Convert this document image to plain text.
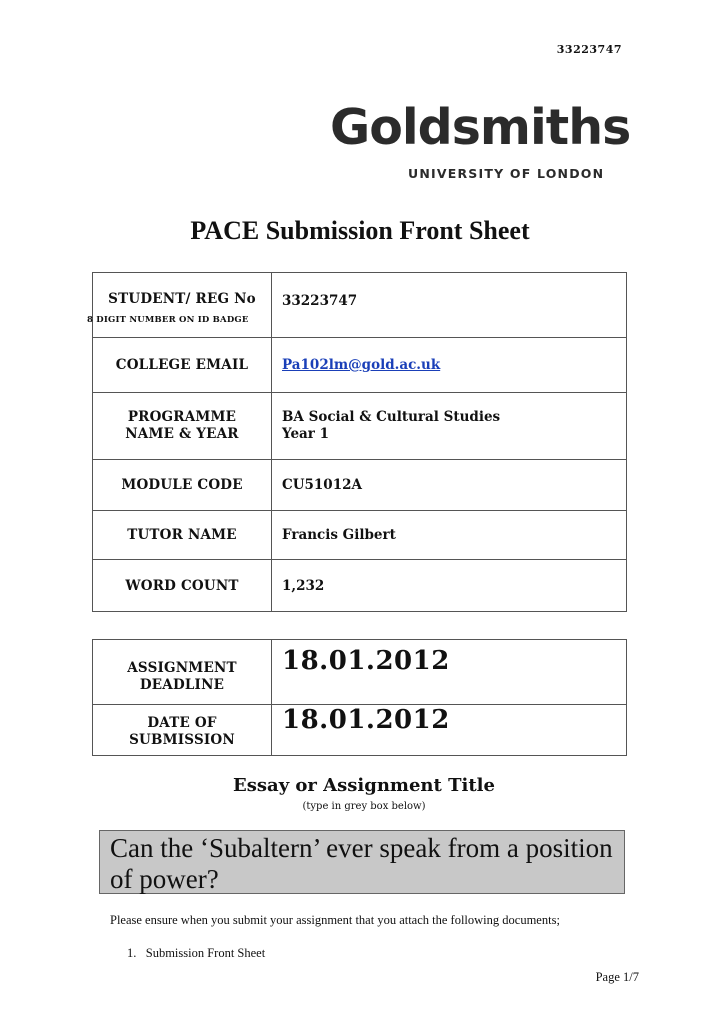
33223747
Goldsmiths
UNIVERSITY OF LONDON
PACE Submission Front Sheet
STUDENT/ REG No
8 DIGIT NUMBER ON ID BADGE	33223747
COLLEGE EMAIL	Pa102lm@gold.ac.uk
PROGRAMME NAME & YEAR	BA Social & Cultural Studies
Year 1

MODULE CODE	CU51012A
TUTOR NAME	Francis Gilbert
WORD COUNT	1,232
ASSIGNMENT DEADLINE	18.01.2012
DATE OF SUBMISSION	18.01.2012
Essay or Assignment Title
(type in grey box below)
Can the ‘Subaltern’ ever speak from a position of power?
Please ensure when you submit your assignment that you attach the following documents;
1.   Submission Front Sheet
Page 1/7
